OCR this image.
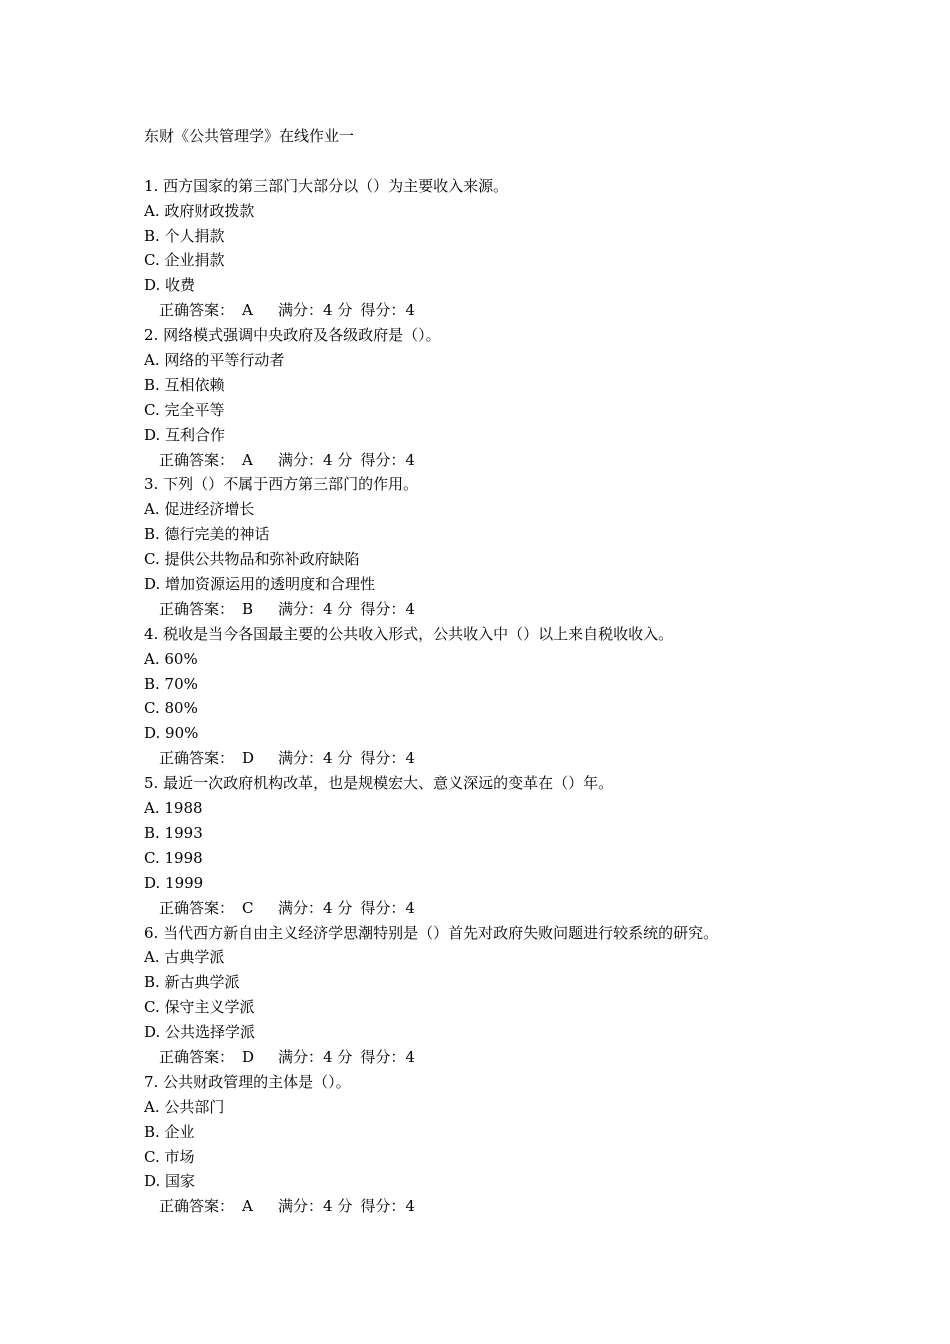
东财《公共管理学》在线作业一
1. 西方国家的第三部门大部分以（）为主要收入来源。
A. 政府财政拨款
B. 个人捐款
C. 企业捐款
D. 收费
正确答案： A 满分：4 分 得分：4
2. 网络模式强调中央政府及各级政府是（）。
A. 网络的平等行动者
B. 互相依赖
C. 完全平等
D. 互利合作
正确答案： A 满分：4 分 得分：4
3. 下列（）不属于西方第三部门的作用。
A. 促进经济增长
B. 德行完美的神话
C. 提供公共物品和弥补政府缺陷
D. 增加资源运用的透明度和合理性
正确答案： B 满分：4 分 得分：4
4. 税收是当今各国最主要的公共收入形式，公共收入中（）以上来自税收收入。
A. 60%
B. 70%
C. 80%
D. 90%
正确答案： D 满分：4 分 得分：4
5. 最近一次政府机构改革，也是规模宏大、意义深远的变革在（）年。
A. 1988
B. 1993
C. 1998
D. 1999
正确答案： C 满分：4 分 得分：4
6. 当代西方新自由主义经济学思潮特别是（）首先对政府失败问题进行较系统的研究。
A. 古典学派
B. 新古典学派
C. 保守主义学派
D. 公共选择学派
正确答案： D 满分：4 分 得分：4
7. 公共财政管理的主体是（）。
A. 公共部门
B. 企业
C. 市场
D. 国家
正确答案： A 满分：4 分 得分：4
